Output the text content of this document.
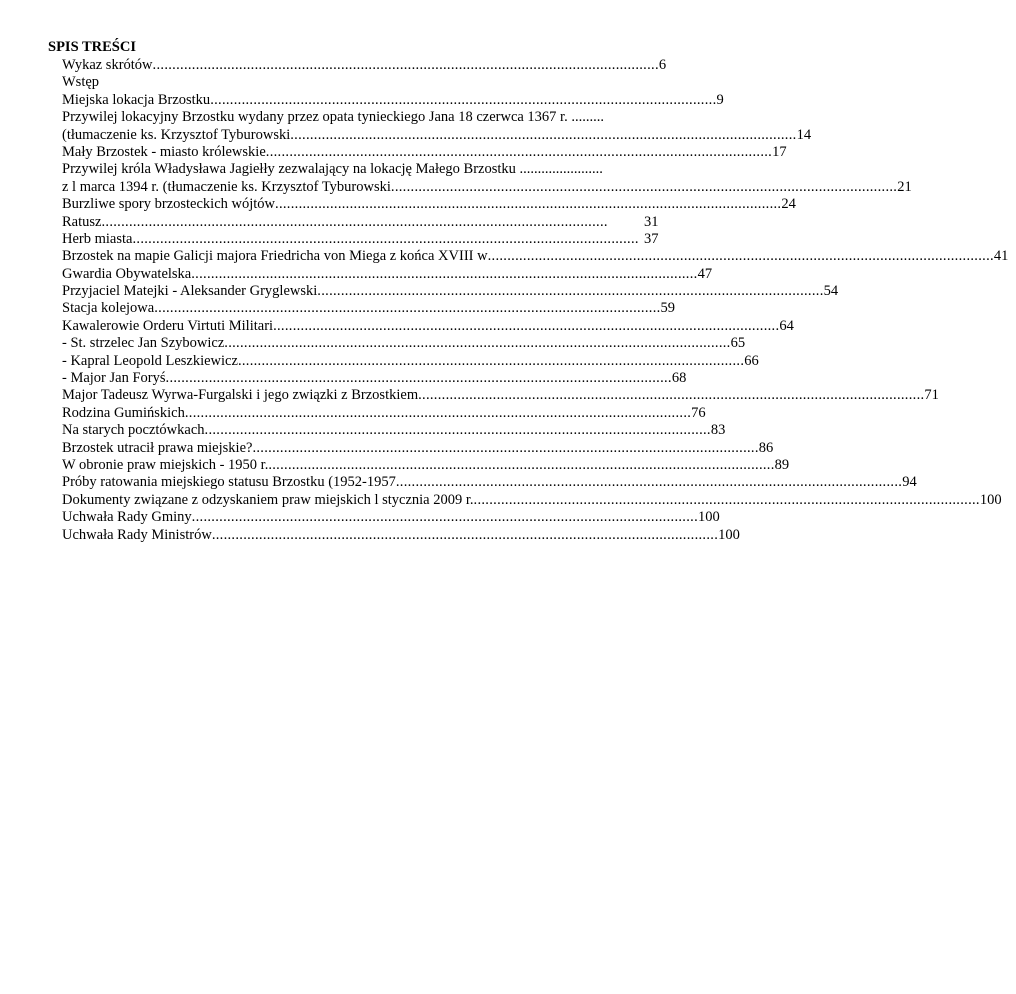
SPIS TREŚCI
Wykaz skrótów ................................................................................................................................. 6
Wstęp
Miejska lokacja Brzostku ................................................................................................................................. 9
Przywilej lokacyjny Brzostku wydany przez opata tynieckiego Jana 18 czerwca 1367 r. .........
(tłumaczenie ks. Krzysztof Tyburowski ................................................................................................................................. 14
Mały Brzostek - miasto królewskie ................................................................................................................................. 17
Przywilej króla Władysława Jagiełły zezwalający na lokację Małego Brzostku .......................
z l marca 1394 r. (tłumaczenie ks. Krzysztof Tyburowski ................................................................................................................................. 21
Burzliwe spory brzosteckich wójtów ................................................................................................................................. 24
Ratusz .................................................................................................................................	31
Herb miasta ................................................................................................................................. 37
Brzostek na mapie Galicji majora Friedricha von Miega z końca XVIII w ................................................................................................................................. 41
Gwardia Obywatelska ................................................................................................................................. 47
Przyjaciel Matejki - Aleksander Gryglewski ................................................................................................................................. 54
Stacja kolejowa ................................................................................................................................. 59
Kawalerowie Orderu Virtuti Militari ................................................................................................................................. 64
- St. strzelec Jan Szybowicz ................................................................................................................................. 65
- Kapral Leopold Leszkiewicz ................................................................................................................................. 66
- Major Jan Foryś ................................................................................................................................. 68
Major Tadeusz Wyrwa-Furgalski i jego związki z Brzostkiem ................................................................................................................................. 71
Rodzina Gumińskich ................................................................................................................................. 76
Na starych pocztówkach ................................................................................................................................. 83
Brzostek utracił prawa miejskie? ................................................................................................................................. 86
W obronie praw miejskich - 1950 r. ................................................................................................................................. 89
Próby ratowania miejskiego statusu Brzostku (1952-1957 ................................................................................................................................. 94
Dokumenty związane z odzyskaniem praw miejskich l stycznia 2009 r. ................................................................................................................................. 100
Uchwała Rady Gminy ................................................................................................................................. 100
Uchwała Rady Ministrów ................................................................................................................................. 100
